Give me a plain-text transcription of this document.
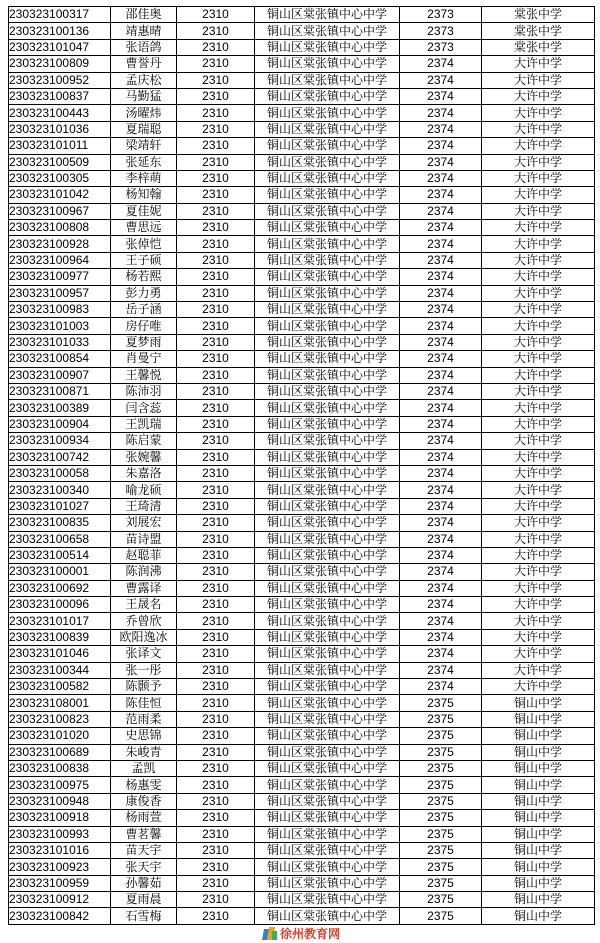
230323100317	邵佳奥	2310	铜山区棠张镇中心中学	2373	棠张中学
230323100136	靖惠晴	2310	铜山区棠张镇中心中学	2373	棠张中学
230323101047	张语鸽	2310	铜山区棠张镇中心中学	2373	棠张中学
230323100809	曹誉丹	2310	铜山区棠张镇中心中学	2374	大许中学
230323100952	孟庆松	2310	铜山区棠张镇中心中学	2374	大许中学
230323100837	马勤猛	2310	铜山区棠张镇中心中学	2374	大许中学
230323100443	汤曜炜	2310	铜山区棠张镇中心中学	2374	大许中学
230323101036	夏瑞聪	2310	铜山区棠张镇中心中学	2374	大许中学
230323101011	梁靖轩	2310	铜山区棠张镇中心中学	2374	大许中学
230323100509	张延东	2310	铜山区棠张镇中心中学	2374	大许中学
230323100305	李梓萌	2310	铜山区棠张镇中心中学	2374	大许中学
230323101042	杨知翰	2310	铜山区棠张镇中心中学	2374	大许中学
230323100967	夏佳妮	2310	铜山区棠张镇中心中学	2374	大许中学
230323100808	曹思远	2310	铜山区棠张镇中心中学	2374	大许中学
230323100928	张倬恺	2310	铜山区棠张镇中心中学	2374	大许中学
230323100964	王子硕	2310	铜山区棠张镇中心中学	2374	大许中学
230323100977	杨若熙	2310	铜山区棠张镇中心中学	2374	大许中学
230323100957	彭力勇	2310	铜山区棠张镇中心中学	2374	大许中学
230323100983	岳子涵	2310	铜山区棠张镇中心中学	2374	大许中学
230323101003	房仔唯	2310	铜山区棠张镇中心中学	2374	大许中学
230323101033	夏梦雨	2310	铜山区棠张镇中心中学	2374	大许中学
230323100854	肖曼宁	2310	铜山区棠张镇中心中学	2374	大许中学
230323100907	王馨悦	2310	铜山区棠张镇中心中学	2374	大许中学
230323100871	陈沛羽	2310	铜山区棠张镇中心中学	2374	大许中学
230323100389	闫含蕊	2310	铜山区棠张镇中心中学	2374	大许中学
230323100904	王凯瑞	2310	铜山区棠张镇中心中学	2374	大许中学
230323100934	陈启蒙	2310	铜山区棠张镇中心中学	2374	大许中学
230323100742	张婉馨	2310	铜山区棠张镇中心中学	2374	大许中学
230323100058	朱嘉洛	2310	铜山区棠张镇中心中学	2374	大许中学
230323100340	喻龙硕	2310	铜山区棠张镇中心中学	2374	大许中学
230323101027	王琦清	2310	铜山区棠张镇中心中学	2374	大许中学
230323100835	刘展宏	2310	铜山区棠张镇中心中学	2374	大许中学
230323100658	苗诗盟	2310	铜山区棠张镇中心中学	2374	大许中学
230323100514	赵聪菲	2310	铜山区棠张镇中心中学	2374	大许中学
230323100001	陈润沸	2310	铜山区棠张镇中心中学	2374	大许中学
230323100692	曹露译	2310	铜山区棠张镇中心中学	2374	大许中学
230323100096	王晟名	2310	铜山区棠张镇中心中学	2374	大许中学
230323101017	乔曾欣	2310	铜山区棠张镇中心中学	2374	大许中学
230323100839	欧阳逸冰	2310	铜山区棠张镇中心中学	2374	大许中学
230323101046	张译文	2310	铜山区棠张镇中心中学	2374	大许中学
230323100344	张一彤	2310	铜山区棠张镇中心中学	2374	大许中学
230323100582	陈颢予	2310	铜山区棠张镇中心中学	2374	大许中学
230323108001	陈佳恒	2310	铜山区棠张镇中心中学	2375	铜山中学
230323100823	范雨柔	2310	铜山区棠张镇中心中学	2375	铜山中学
230323101020	史思锦	2310	铜山区棠张镇中心中学	2375	铜山中学
230323100689	朱峻青	2310	铜山区棠张镇中心中学	2375	铜山中学
230323100838	孟凯	2310	铜山区棠张镇中心中学	2375	铜山中学
230323100975	杨惠雯	2310	铜山区棠张镇中心中学	2375	铜山中学
230323100948	康俊香	2310	铜山区棠张镇中心中学	2375	铜山中学
230323100918	杨雨萱	2310	铜山区棠张镇中心中学	2375	铜山中学
230323100993	曹茗馨	2310	铜山区棠张镇中心中学	2375	铜山中学
230323101016	苗天宇	2310	铜山区棠张镇中心中学	2375	铜山中学
230323100923	张天宇	2310	铜山区棠张镇中心中学	2375	铜山中学
230323100959	孙馨茹	2310	铜山区棠张镇中心中学	2375	铜山中学
230323100912	夏雨晨	2310	铜山区棠张镇中心中学	2375	铜山中学
230323100842	石雪梅	2310	铜山区棠张镇中心中学	2375	铜山中学
徐州教育网
